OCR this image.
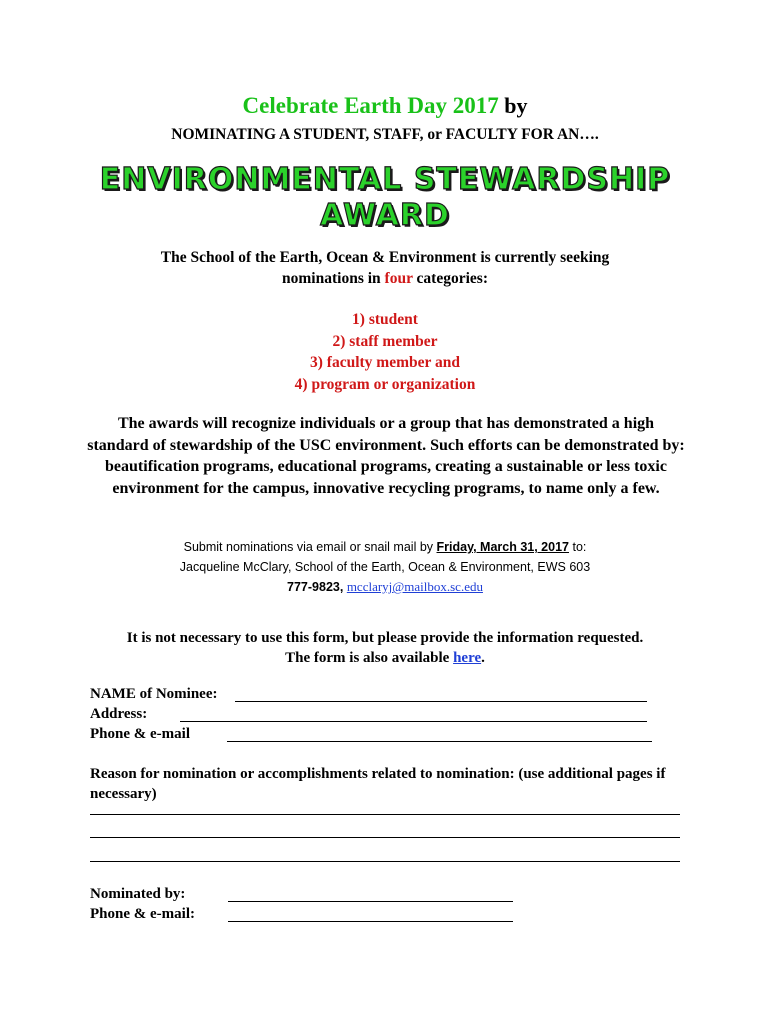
Celebrate Earth Day 2017 by
NOMINATING A STUDENT, STAFF, or FACULTY FOR AN….
ENVIRONMENTAL STEWARDSHIP
AWARD
The School of the Earth, Ocean & Environment is currently seeking
nominations in four categories:
1) student
2) staff member
3) faculty member and
4) program or organization
The awards will recognize individuals or a group that has demonstrated a high standard of stewardship of the USC environment. Such efforts can be demonstrated by: beautification programs, educational programs, creating a sustainable or less toxic environment for the campus, innovative recycling programs, to name only a few.
Submit nominations via email or snail mail by Friday, March 31, 2017 to:
Jacqueline McClary, School of the Earth, Ocean & Environment, EWS 603
777-9823, mcclaryj@mailbox.sc.edu
It is not necessary to use this form, but please provide the information requested.
The form is also available here.
NAME of Nominee:
Address:
Phone & e-mail
Reason for nomination or accomplishments related to nomination: (use additional pages if necessary)
Nominated by:
Phone & e-mail:
